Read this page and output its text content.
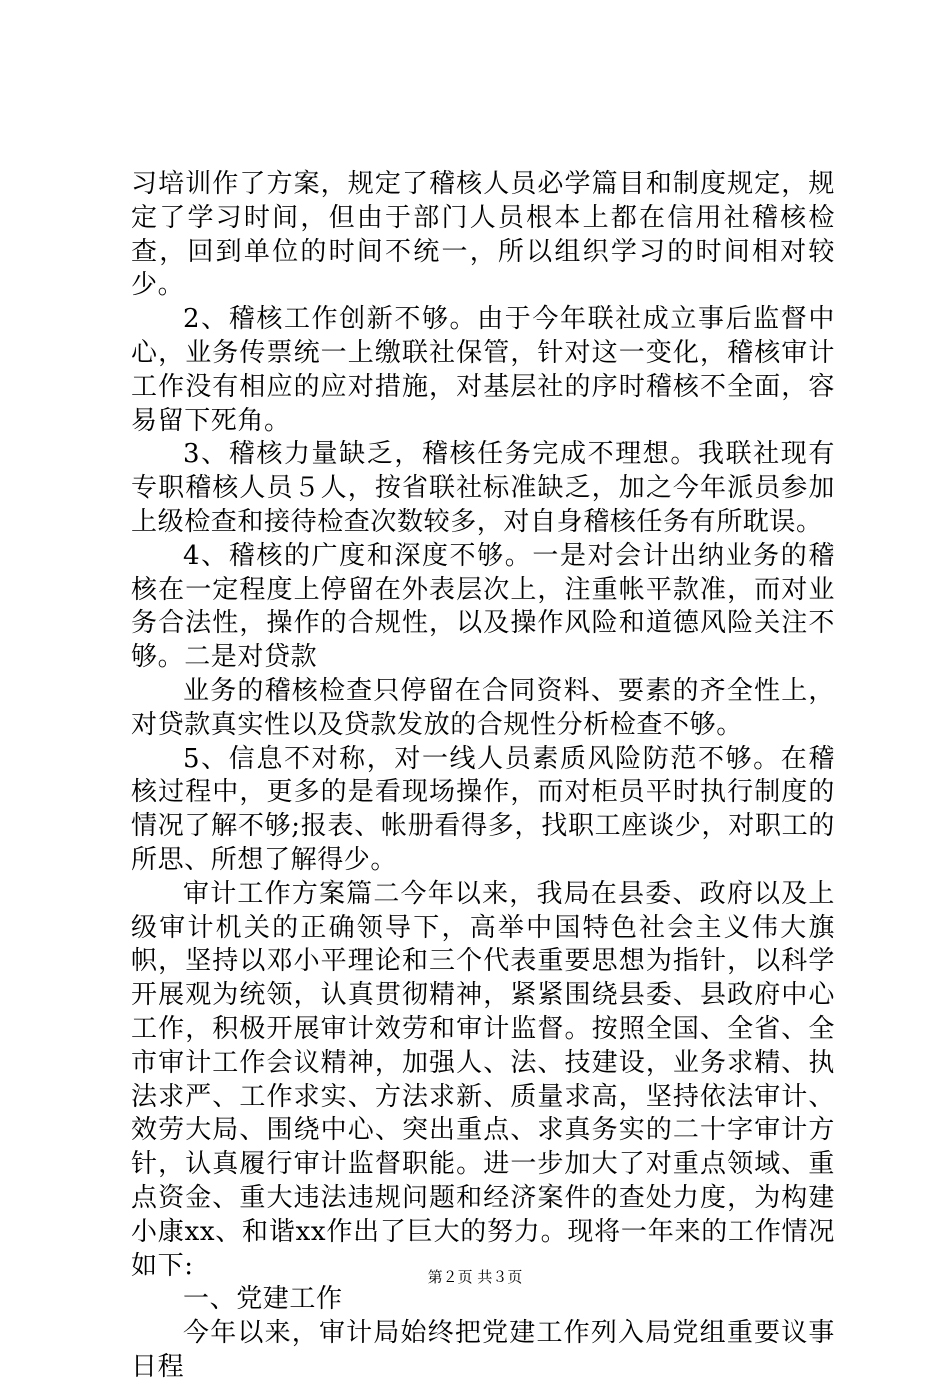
习培训作了方案，规定了稽核人员必学篇目和制度规定，规定了学习时间，但由于部门人员根本上都在信用社稽核检查，回到单位的时间不统一，所以组织学习的时间相对较少。

2、稽核工作创新不够。由于今年联社成立事后监督中心，业务传票统一上缴联社保管，针对这一变化，稽核审计工作没有相应的应对措施，对基层社的序时稽核不全面，容易留下死角。

3、稽核力量缺乏，稽核任务完成不理想。我联社现有专职稽核人员５人，按省联社标准缺乏，加之今年派员参加上级检查和接待检查次数较多，对自身稽核任务有所耽误。

4、稽核的广度和深度不够。一是对会计出纳业务的稽核在一定程度上停留在外表层次上，注重帐平款准，而对业务合法性，操作的合规性，以及操作风险和道德风险关注不够。二是对贷款

业务的稽核检查只停留在合同资料、要素的齐全性上，对贷款真实性以及贷款发放的合规性分析检查不够。

5、信息不对称，对一线人员素质风险防范不够。在稽核过程中，更多的是看现场操作，而对柜员平时执行制度的情况了解不够;报表、帐册看得多，找职工座谈少，对职工的所思、所想了解得少。

审计工作方案篇二今年以来，我局在县委、政府以及上级审计机关的正确领导下，高举中国特色社会主义伟大旗帜，坚持以邓小平理论和三个代表重要思想为指针，以科学开展观为统领，认真贯彻精神，紧紧围绕县委、县政府中心工作，积极开展审计效劳和审计监督。按照全国、全省、全市审计工作会议精神，加强人、法、技建设，业务求精、执法求严、工作求实、方法求新、质量求高，坚持依法审计、效劳大局、围绕中心、突出重点、求真务实的二十字审计方针，认真履行审计监督职能。进一步加大了对重点领域、重点资金、重大违法违规问题和经济案件的查处力度，为构建小康xx、和谐xx作出了巨大的努力。现将一年来的工作情况如下:

一、党建工作

今年以来，审计局始终把党建工作列入局党组重要议事日程

第２页 共３页
